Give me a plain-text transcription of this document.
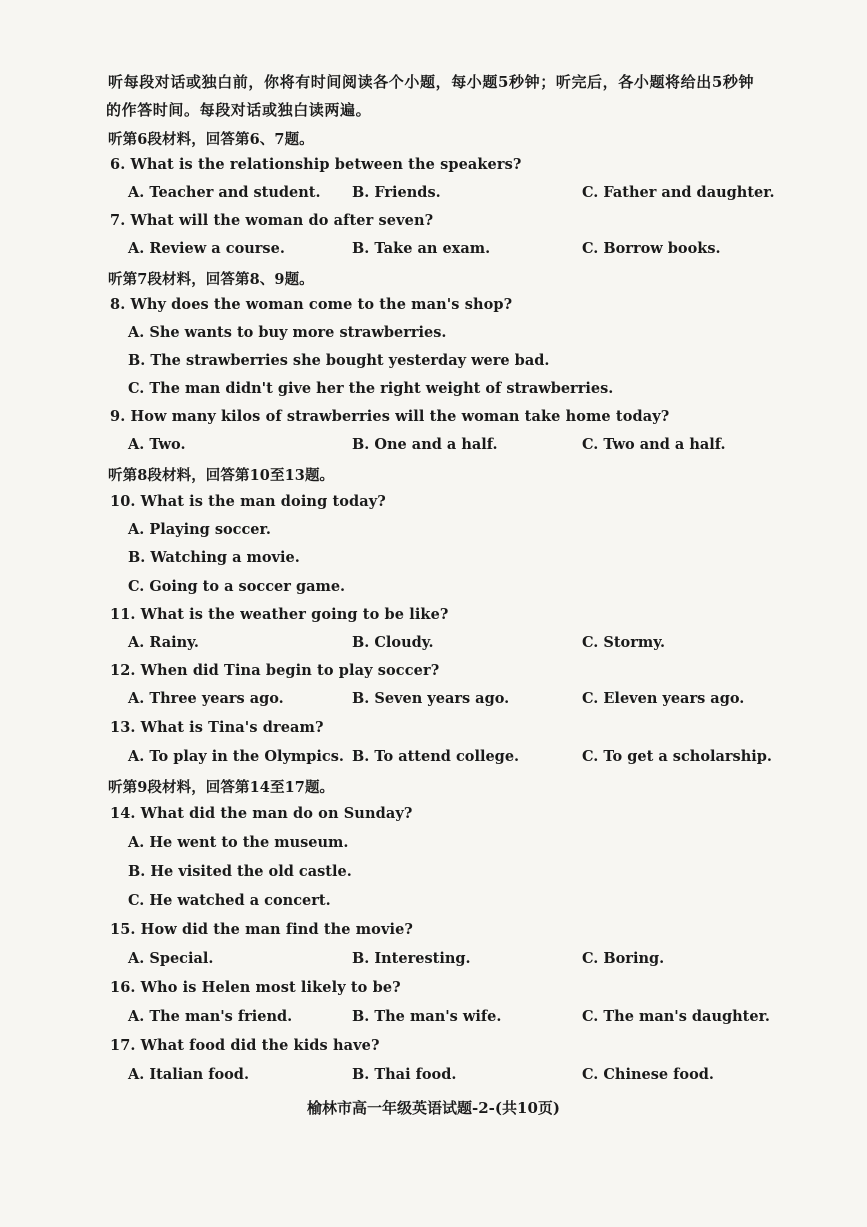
听每段对话或独白前，你将有时间阅读各个小题，每小题5秒钟；听完后，各小题将给出5秒钟
的作答时间。每段对话或独白读两遍。
听第6段材料，回答第6、7题。
6. What is the relationship between the speakers?
A. Teacher and student. B. Friends.	C. Father and daughter.
7. What will the woman do after seven?
A. Review a course.	B. Take an exam.	C. Borrow books.
听第7段材料，回答第8、9题。
8. Why does the woman come to the man's shop?
A. She wants to buy more strawberries.
B. The strawberries she bought yesterday were bad.
C. The man didn't give her the right weight of strawberries.
9. How many kilos of strawberries will the woman take home today?
A. Two.	B. One and a half.	C. Two and a half.
听第8段材料，回答第10至13题。
10. What is the man doing today?
A. Playing soccer.
B. Watching a movie.
C. Going to a soccer game.
11. What is the weather going to be like?
A. Rainy.	B. Cloudy.	C. Stormy.
12. When did Tina begin to play soccer?
A. Three years ago.	B. Seven years ago.	C. Eleven years ago.
13. What is Tina's dream?
A. To play in the Olympics. B. To attend college.	C. To get a scholarship.
听第9段材料，回答第14至17题。
14. What did the man do on Sunday?
A. He went to the museum.
B. He visited the old castle.
C. He watched a concert.
15. How did the man find the movie?
A. Special.	B. Interesting.	C. Boring.
16. Who is Helen most likely to be?
A. The man's friend.	B. The man's wife.	C. The man's daughter.
17. What food did the kids have?
A. Italian food.	B. Thai food.	C. Chinese food.
榆林市高一年级英语试题-2-(共10页)
